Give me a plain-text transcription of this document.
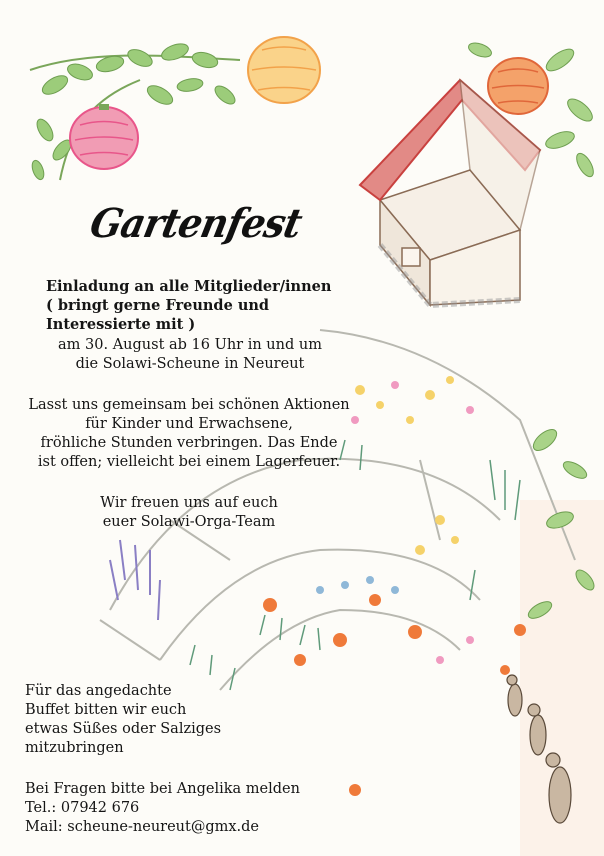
Gartenfest
Einladung an alle Mitglieder/innen
( bringt gerne Freunde und
Interessierte mit )
am 30. August ab 16 Uhr in und um
die Solawi-Scheune in Neureut
Lasst uns gemeinsam bei schönen Aktionen
für Kinder und Erwachsene,
fröhliche Stunden verbringen. Das Ende
ist offen; vielleicht bei einem Lagerfeuer.
Wir freuen uns auf euch
euer Solawi-Orga-Team
Für das angedachte
Buffet bitten wir euch
etwas Süßes oder Salziges
mitzubringen
Bei Fragen bitte bei Angelika melden
Tel.: 07942 676
Mail: scheune-neureut@gmx.de
